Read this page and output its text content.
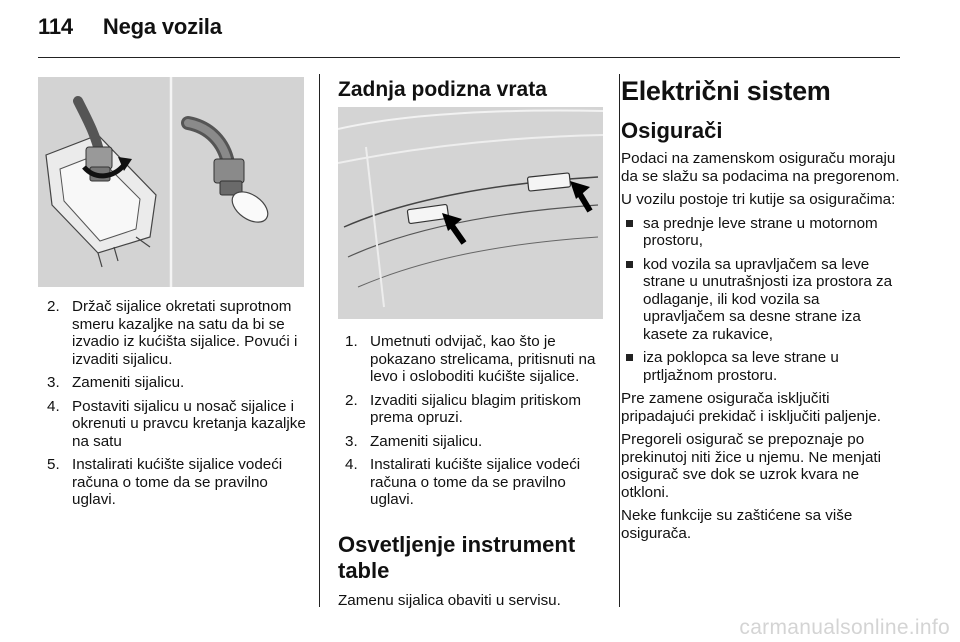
114 Nega vozila
2. Držač sijalice okretati suprotnom smeru kazaljke na satu da bi se izvadio iz kućišta sijalice. Povući i izvaditi sijalicu.
3. Zameniti sijalicu.
4. Postaviti sijalicu u nosač sijalice i okrenuti u pravcu kretanja kazaljke na satu
5. Instalirati kućište sijalice vodeći računa o tome da se pravilno uglavi.
Zadnja podizna vrata
1. Umetnuti odvijač, kao što je pokazano strelicama, pritisnuti na levo i osloboditi kućište sijalice.
2. Izvaditi sijalicu blagim pritiskom prema opruzi.
3. Zameniti sijalicu.
4. Instalirati kućište sijalice vodeći računa o tome da se pravilno uglavi.
Osvetljenje instrument table

Zamenu sijalica obaviti u servisu.

Električni sistem
Osigurači

Podaci na zamenskom osiguraču moraju da se slažu sa podacima na pregorenom.

U vozilu postoje tri kutije sa osiguračima:

sa prednje leve strane u motornom prostoru,
kod vozila sa upravljačem sa leve strane u unutrašnjosti iza prostora za odlaganje, ili kod vozila sa upravljačem sa desne strane iza kasete za rukavice,
iza poklopca sa leve strane u prtljažnom prostoru.

Pre zamene osigurača isključiti pripadajući prekidač i isključiti paljenje.

Pregoreli osigurač se prepoznaje po prekinutoj niti žice u njemu. Ne menjati osigurač sve dok se uzrok kvara ne otkloni.

Neke funkcije su zaštićene sa više osigurača.

carmanualsonline.info
